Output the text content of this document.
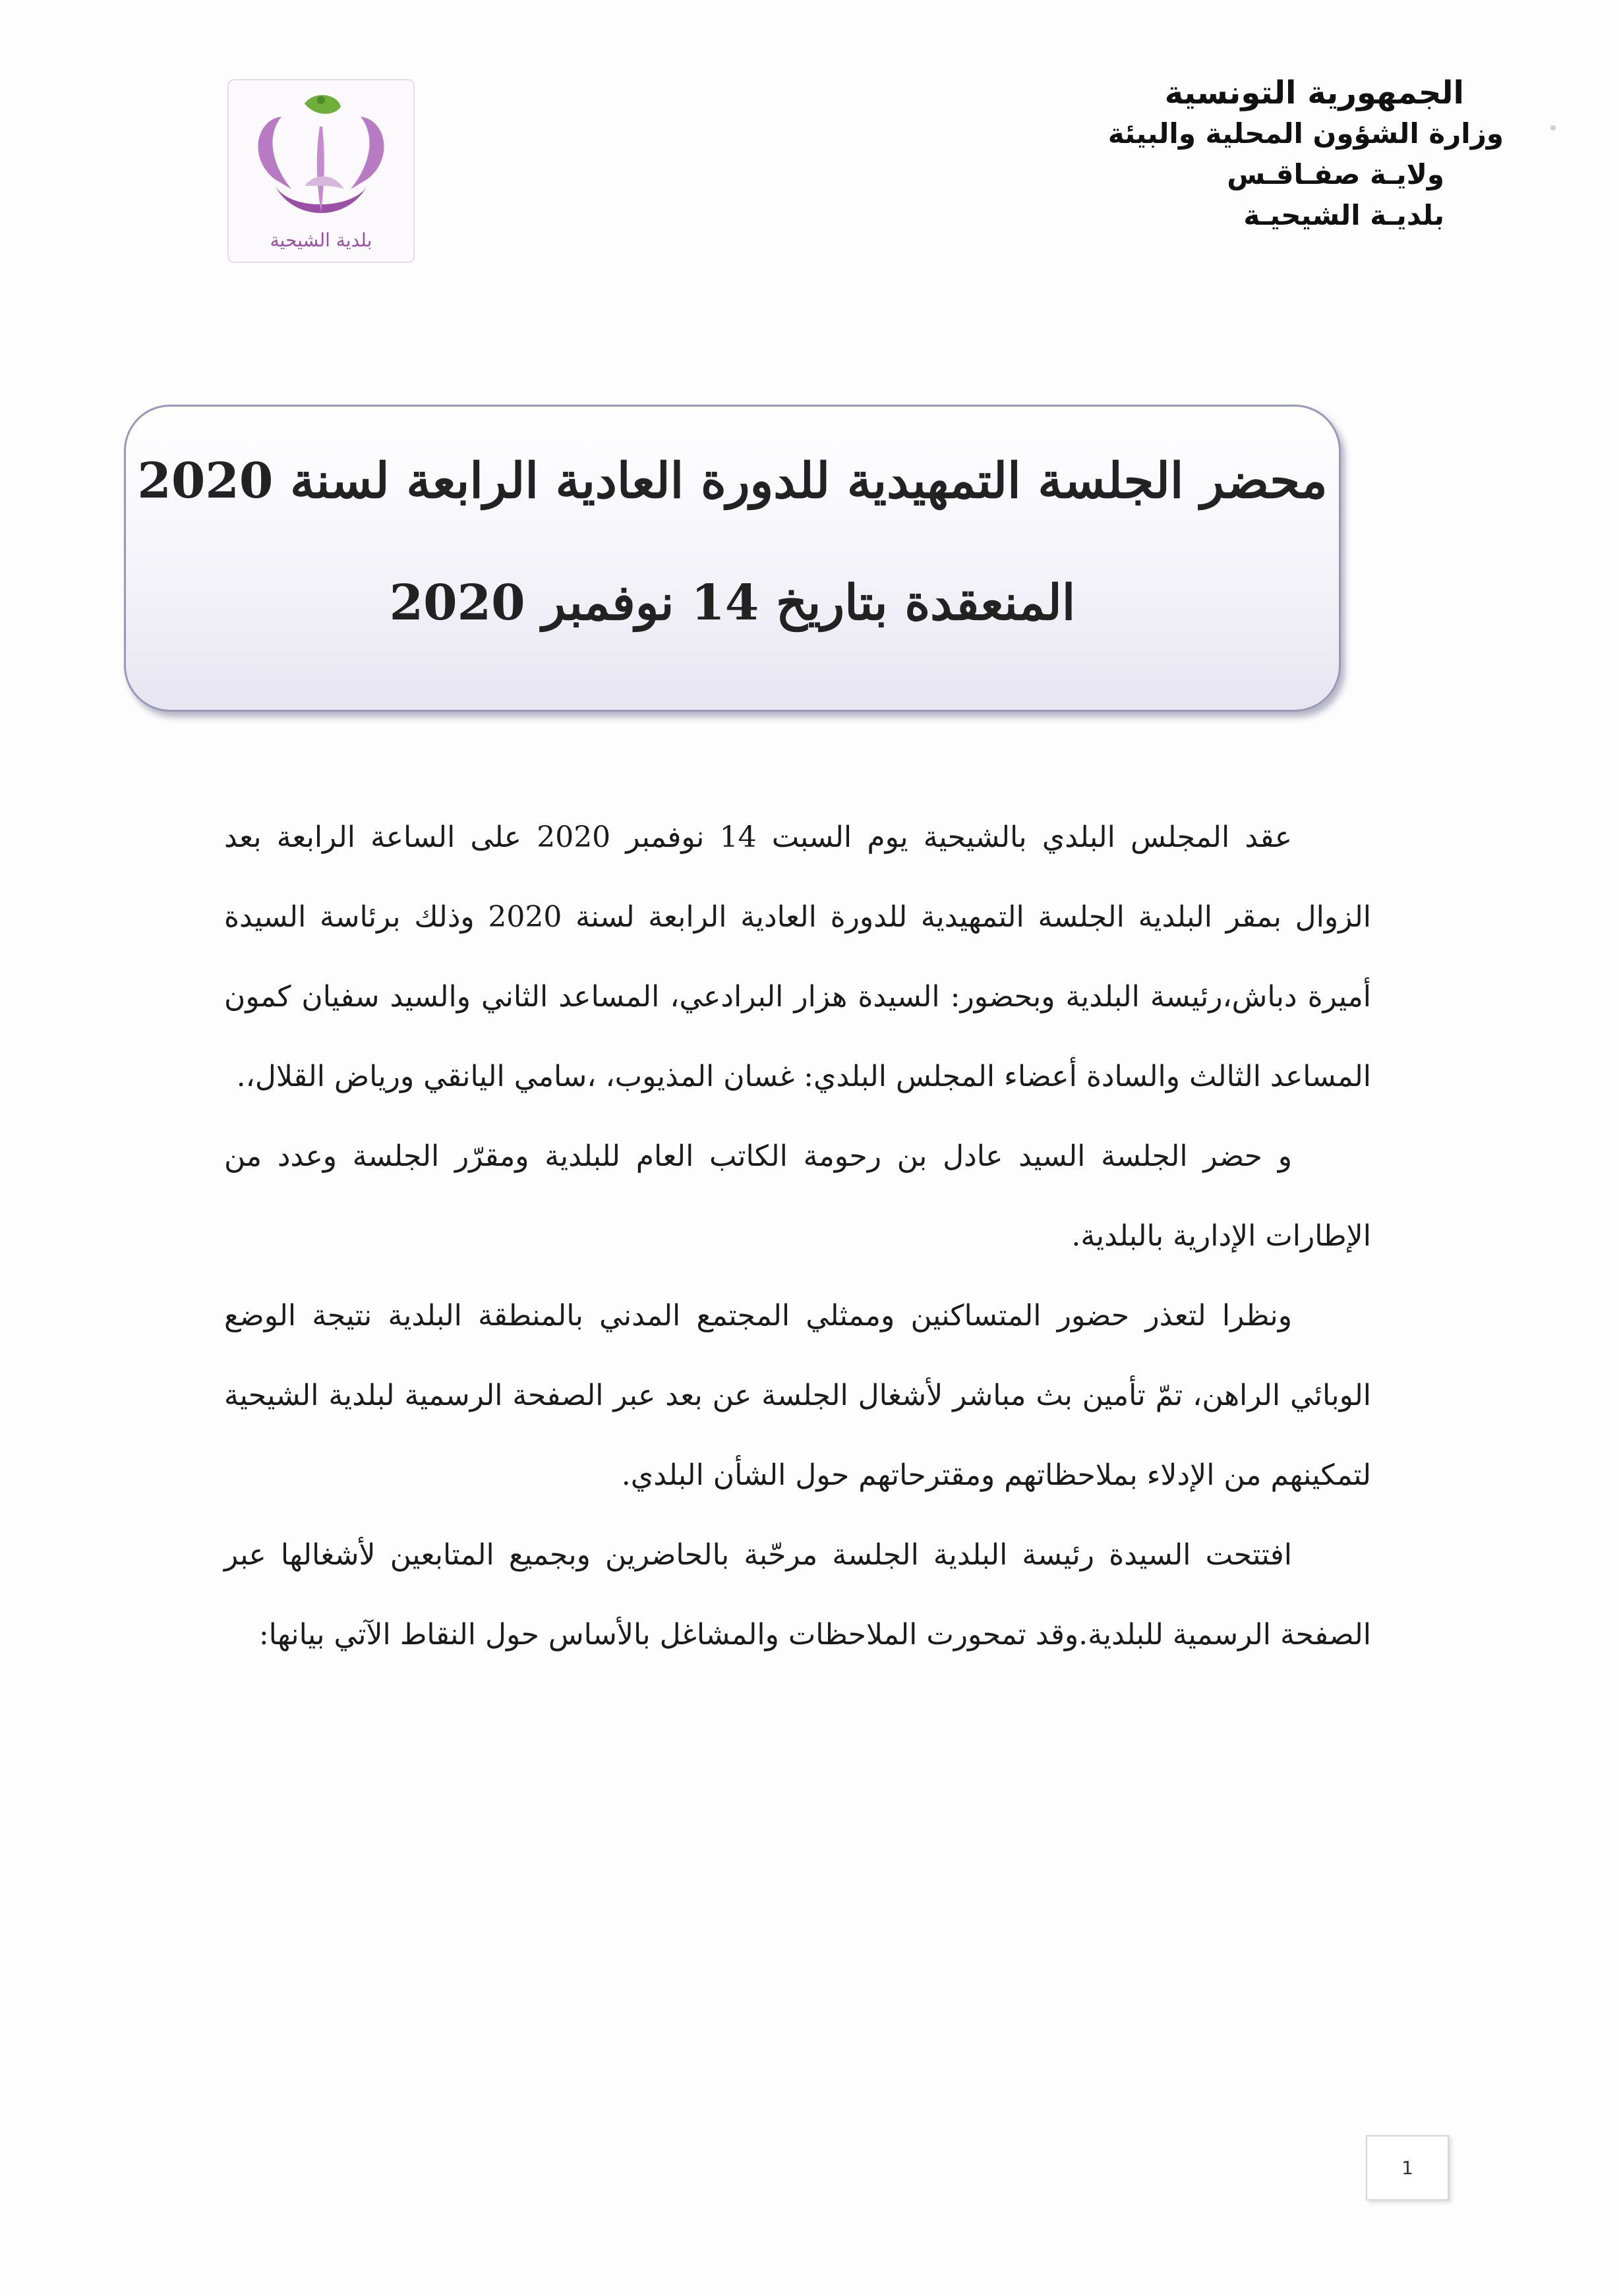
بلدية الشيحية
الجمهورية التونسية
وزارة الشؤون المحلية والبيئة
ولايـة صفـاقـس
بلديـة الشيحيـة
محضر الجلسة التمهيدية للدورة العادية الرابعة لسنة 2020
المنعقدة بتاريخ 14 نوفمبر 2020

عقد المجلس البلدي بالشيحية يوم السبت 14 نوفمبر 2020 على الساعة الرابعة بعد الزوال بمقر البلدية الجلسة التمهيدية للدورة العادية الرابعة لسنة 2020 وذلك برئاسة السيدة أميرة دباش،رئيسة البلدية وبحضور: السيدة هزار البرادعي، المساعد الثاني والسيد سفيان كمون المساعد الثالث والسادة أعضاء المجلس البلدي: غسان المذيوب، ،سامي اليانقي ورياض القلال،.

و حضر الجلسة السيد عادل بن رحومة الكاتب العام للبلدية ومقرّر الجلسة وعدد من الإطارات الإدارية بالبلدية.

ونظرا لتعذر حضور المتساكنين وممثلي المجتمع المدني بالمنطقة البلدية نتيجة الوضع الوبائي الراهن، تمّ تأمين بث مباشر لأشغال الجلسة عن بعد عبر الصفحة الرسمية لبلدية الشيحية لتمكينهم من الإدلاء بملاحظاتهم ومقترحاتهم حول الشأن البلدي.

افتتحت السيدة رئيسة البلدية الجلسة مرحّبة بالحاضرين وبجميع المتابعين لأشغالها عبر الصفحة الرسمية للبلدية.وقد تمحورت الملاحظات والمشاغل بالأساس حول النقاط الآتي بيانها:

1
